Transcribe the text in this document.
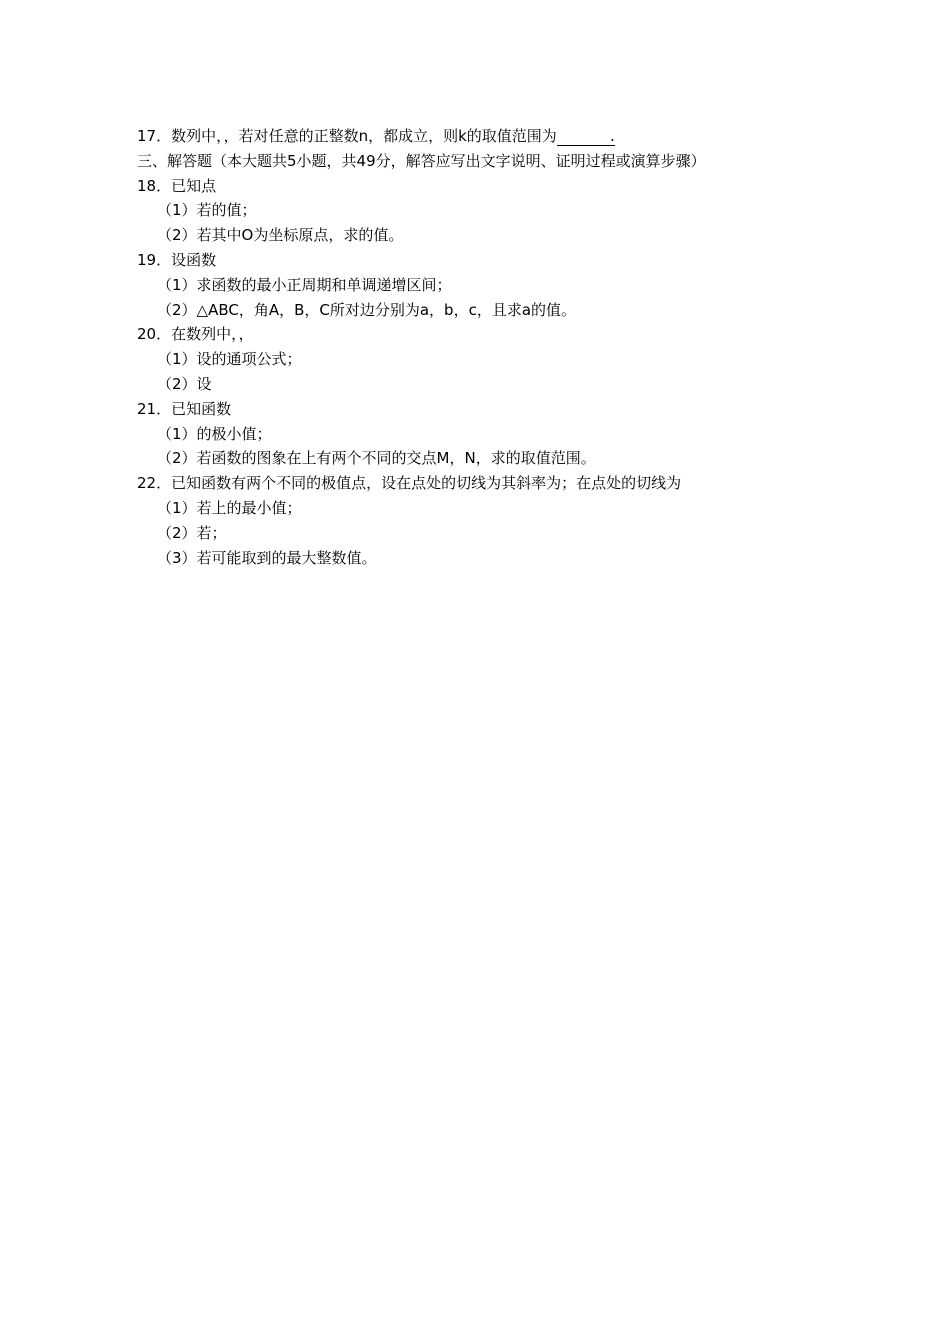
17．数列中，，若对任意的正整数n，都成立，则k的取值范围为	.
三、解答题（本大题共5小题，共49分，解答应写出文字说明、证明过程或演算步骤）
18．已知点
（1）若的值；
（2）若其中O为坐标原点，求的值。
19．设函数
（1）求函数的最小正周期和单调递增区间；
（2）△ABC，角A，B，C所对边分别为a，b，c，且求a的值。
20．在数列中，，
（1）设的通项公式；
（2）设
21．已知函数
（1）的极小值；
（2）若函数的图象在上有两个不同的交点M，N，求的取值范围。
22．已知函数有两个不同的极值点，设在点处的切线为其斜率为；在点处的切线为
（1）若上的最小值；
（2）若；
（3）若可能取到的最大整数值。
